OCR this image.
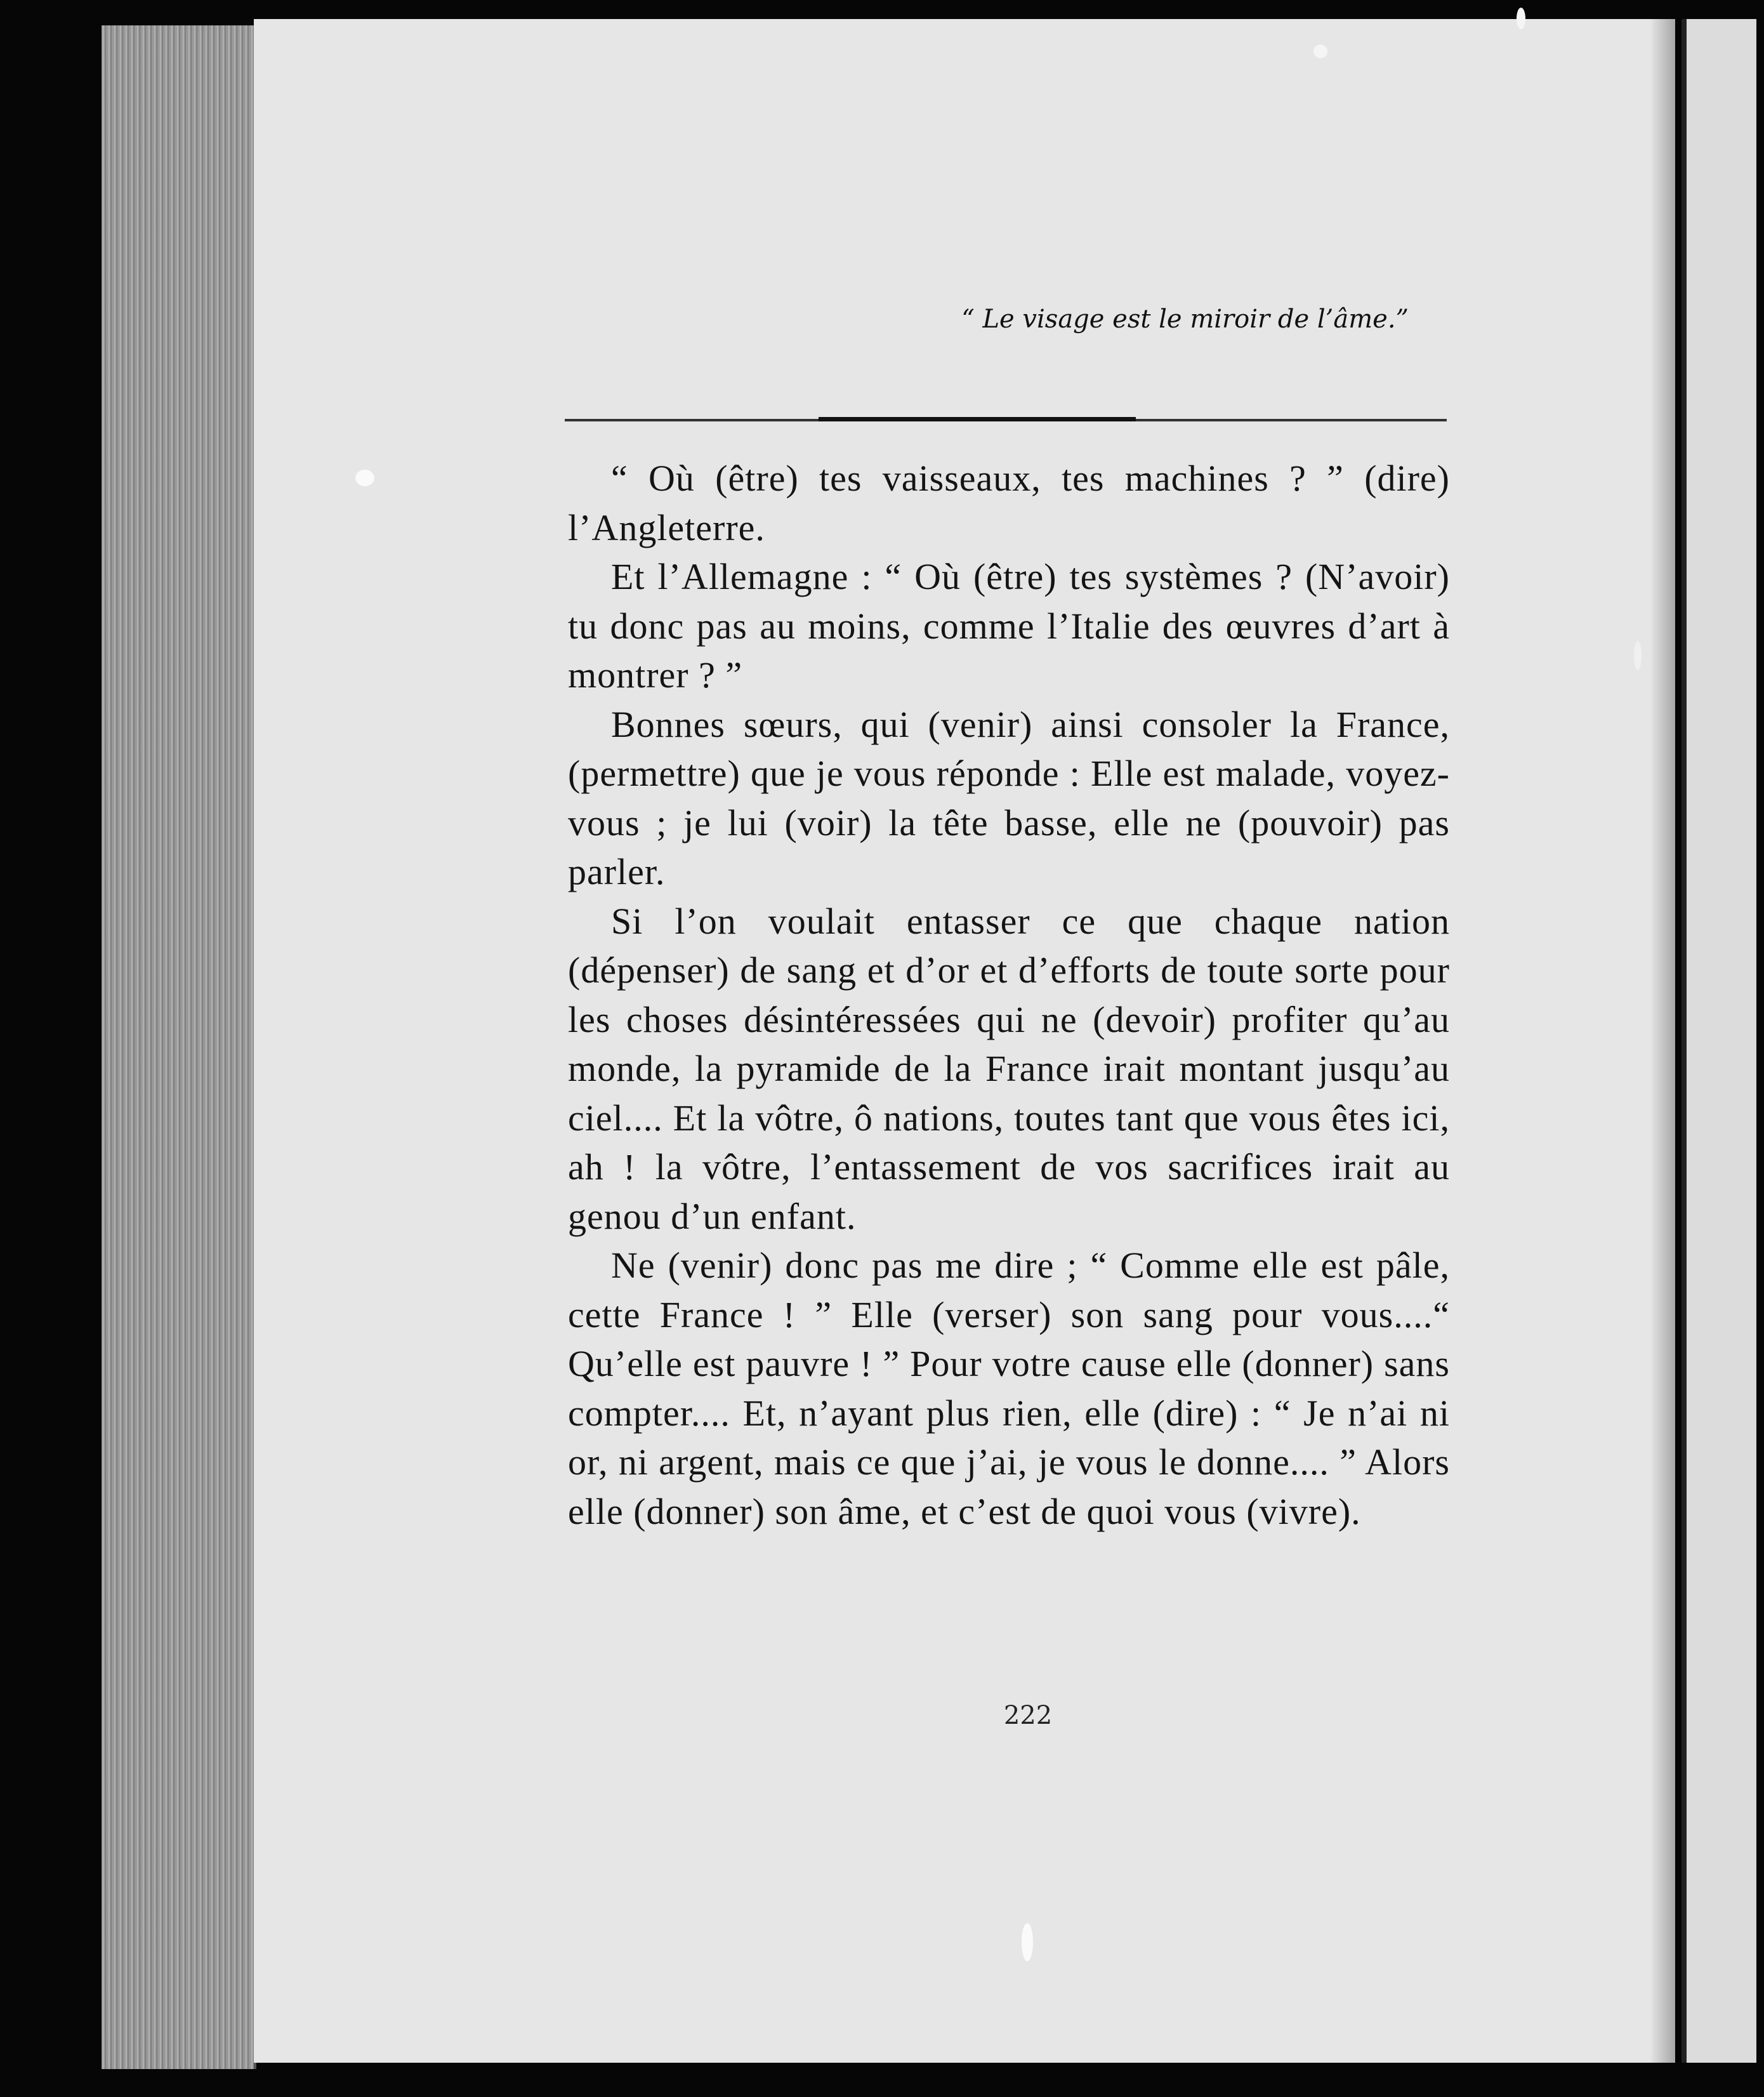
“ Le visage est le miroir de l’âme.”

“ Où (être) tes vaisseaux, tes machines ? ” (dire) l’Angleterre.

Et l’Allemagne : “ Où (être) tes systèmes ? (N’avoir) tu donc pas au moins, comme l’Italie des œuvres d’art à montrer ? ”

Bonnes sœurs, qui (venir) ainsi consoler la France, (permettre) que je vous réponde : Elle est malade, voyez-vous ; je lui (voir) la tête basse, elle ne (pouvoir) pas parler.

Si l’on voulait entasser ce que chaque nation (dépenser) de sang et d’or et d’efforts de toute sorte pour les choses désintéressées qui ne (devoir) profiter qu’au monde, la pyramide de la France irait montant jusqu’au ciel.... Et la vôtre, ô nations, toutes tant que vous êtes ici, ah ! la vôtre, l’entassement de vos sacrifices irait au genou d’un enfant.

Ne (venir) donc pas me dire ; “ Comme elle est pâle, cette France ! ” Elle (verser) son sang pour vous....“ Qu’elle est pauvre ! ” Pour votre cause elle (donner) sans compter.... Et, n’ayant plus rien, elle (dire) : “ Je n’ai ni or, ni argent, mais ce que j’ai, je vous le donne.... ” Alors elle (donner) son âme, et c’est de quoi vous (vivre).

222
